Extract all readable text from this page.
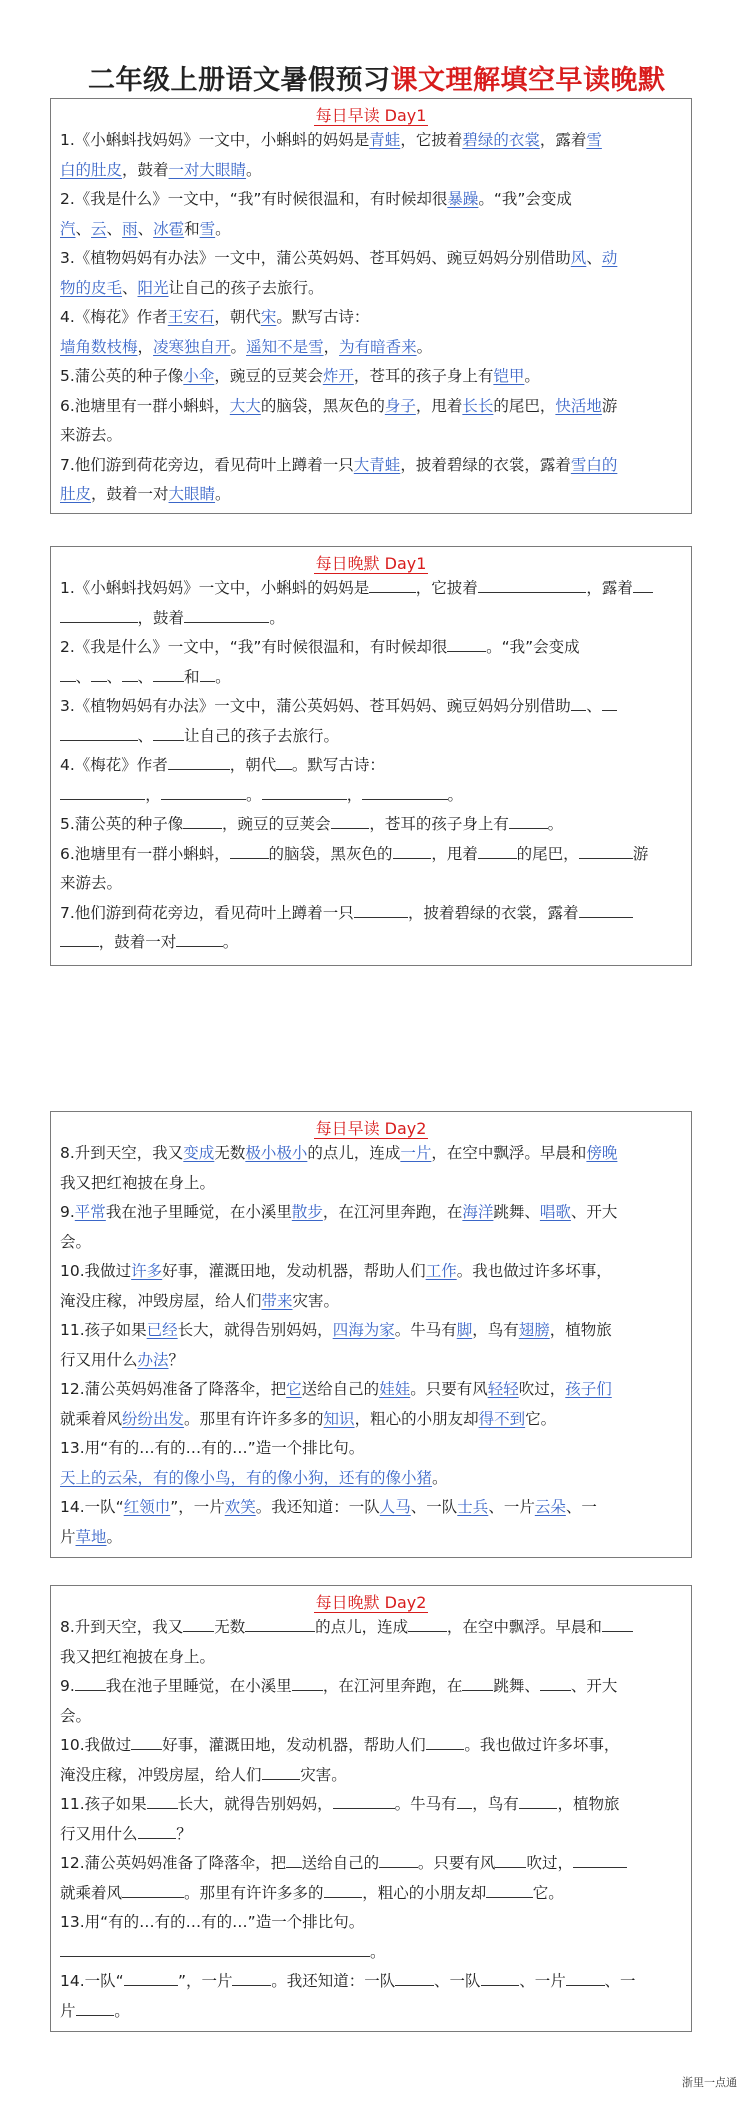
二年级上册语文暑假预习课文理解填空早读晚默
每日早读 Day1
1.《小蝌蚪找妈妈》一文中，小蝌蚪的妈妈是青蛙，它披着碧绿的衣裳，露着雪
白的肚皮，鼓着一对大眼睛。
2.《我是什么》一文中，“我”有时候很温和，有时候却很暴躁。“我”会变成
汽、云、雨、冰雹和雪。
3.《植物妈妈有办法》一文中，蒲公英妈妈、苍耳妈妈、豌豆妈妈分别借助风、动
物的皮毛、阳光让自己的孩子去旅行。
4.《梅花》作者王安石，朝代宋。默写古诗：
墙角数枝梅，凌寒独自开。遥知不是雪，为有暗香来。
5.蒲公英的种子像小伞，豌豆的豆荚会炸开，苍耳的孩子身上有铠甲。
6.池塘里有一群小蝌蚪，大大的脑袋，黑灰色的身子，甩着长长的尾巴，快活地游
来游去。
7.他们游到荷花旁边，看见荷叶上蹲着一只大青蛙，披着碧绿的衣裳，露着雪白的
肚皮，鼓着一对大眼睛。
每日晚默 Day1
1.《小蝌蚪找妈妈》一文中，小蝌蚪的妈妈是	，它披着	，露着
，鼓着	。
2.《我是什么》一文中，“我”有时候很温和，有时候却很	。“我”会变成
、 、 、 和 。
3.《植物妈妈有办法》一文中，蒲公英妈妈、苍耳妈妈、豌豆妈妈分别借助 、
、 让自己的孩子去旅行。
4.《梅花》作者	，朝代 。默写古诗：
，	。	，	。
5.蒲公英的种子像	，豌豆的豆荚会	，苍耳的孩子身上有	。
6.池塘里有一群小蝌蚪，	的脑袋，黑灰色的	，甩着	的尾巴，	游
来游去。
7.他们游到荷花旁边，看见荷叶上蹲着一只	，披着碧绿的衣裳，露着
，鼓着一对	。
每日早读 Day2
8.升到天空，我又变成无数极小极小的点儿，连成一片，在空中飘浮。早晨和傍晚
我又把红袍披在身上。
9.平常我在池子里睡觉，在小溪里散步，在江河里奔跑，在海洋跳舞、唱歌、开大
会。
10.我做过许多好事，灌溉田地，发动机器，帮助人们工作。我也做过许多坏事，
淹没庄稼，冲毁房屋，给人们带来灾害。
11.孩子如果已经长大，就得告别妈妈，四海为家。牛马有脚，鸟有翅膀，植物旅
行又用什么办法？
12.蒲公英妈妈准备了降落伞，把它送给自己的娃娃。只要有风轻轻吹过，孩子们
就乘着风纷纷出发。那里有许许多多的知识，粗心的小朋友却得不到它。
13.用“有的…有的…有的…”造一个排比句。
天上的云朵，有的像小鸟，有的像小狗，还有的像小猪。
14.一队“红领巾”，一片欢笑。我还知道：一队人马、一队士兵、一片云朵、一
片草地。
每日晚默 Day2
8.升到天空，我又 无数	的点儿，连成	，在空中飘浮。早晨和
我又把红袍披在身上。
9. 我在池子里睡觉，在小溪里 ，在江河里奔跑，在 跳舞、 、开大
会。
10.我做过 好事，灌溉田地，发动机器，帮助人们	。我也做过许多坏事，
淹没庄稼，冲毁房屋，给人们	灾害。
11.孩子如果 长大，就得告别妈妈，	。牛马有 ，鸟有	，植物旅
行又用什么	？
12.蒲公英妈妈准备了降落伞，把 送给自己的	。只要有风 吹过，
就乘着风	。那里有许许多多的	，粗心的小朋友却	它。
13.用“有的…有的…有的…”造一个排比句。
。
14.一队“	”，一片	。我还知道：一队	、一队	、一片	、一
片	。
浙里一点通
